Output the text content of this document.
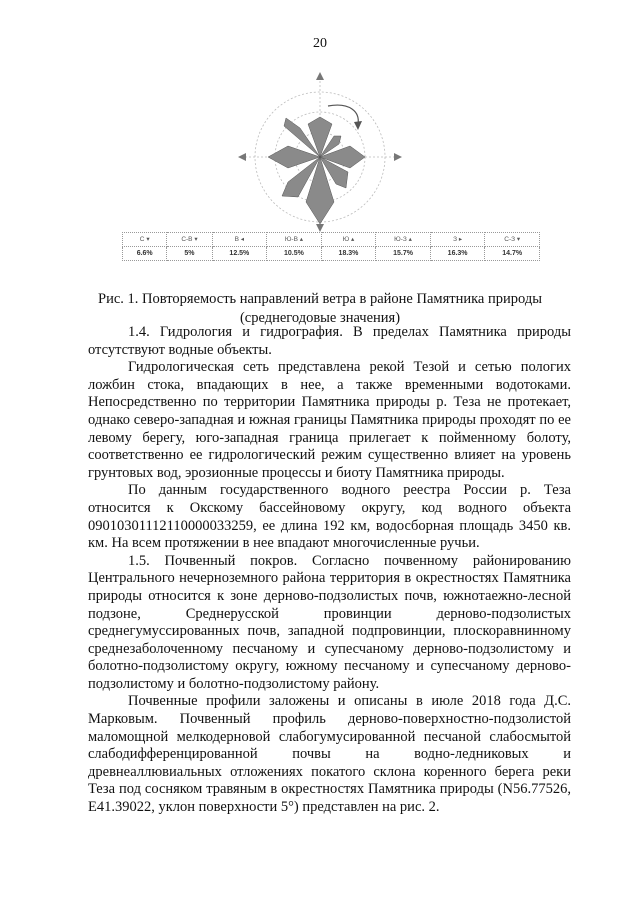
20
С ▾	С-В ▾	В ◂	Ю-В ▴	Ю ▴	Ю-З ▴	З ▸	С-З ▾
6.6%	5%	12.5%	10.5%	18.3%	15.7%	16.3%	14.7%
Рис. 1. Повторяемость направлений ветра в районе Памятника природы
(среднегодовые значения)

1.4. Гидрология и гидрография. В пределах Памятника природы отсутствуют водные объекты.

Гидрологическая сеть представлена рекой Тезой и сетью пологих ложбин стока, впадающих в нее, а также временными водотоками. Непосредственно по территории Памятника природы р. Теза не протекает, однако северо-западная и южная границы Памятника природы проходят по ее левому берегу, юго-западная граница прилегает к пойменному болоту, соответственно ее гидрологический режим существенно влияет на уровень грунтовых вод, эрозионные процессы и биоту Памятника природы.

По данным государственного водного реестра России р. Теза относится к Окскому бассейновому округу, код водного объекта 09010301112110000033259, ее длина 192 км, водосборная площадь 3450 кв. км. На всем протяжении в нее впадают многочисленные ручьи.

1.5. Почвенный покров. Согласно почвенному районированию Центрального нечерноземного района территория в окрестностях Памятника природы относится к зоне дерново-подзолистых почв, южнотаежно-лесной подзоне, Среднерусской провинции дерново-подзолистых среднегумуссированных почв, западной подпровинции, плоскоравнинному среднезаболоченному песчаному и супесчаному дерново-подзолистому и болотно-подзолистому округу, южному песчаному и супесчаному дерново-подзолистому и болотно-подзолистому району.

Почвенные профили заложены и описаны в июле 2018 года Д.С. Марковым. Почвенный профиль дерново-поверхностно-подзолистой маломощной мелкодерновой слабогумусированной песчаной слабосмытой слабодифференцированной почвы на водно-ледниковых и древнеаллювиальных отложениях покатого склона коренного берега реки Теза под сосняком травяным в окрестностях Памятника природы (N56.77526, E41.39022, уклон поверхности 5°) представлен на рис. 2.
